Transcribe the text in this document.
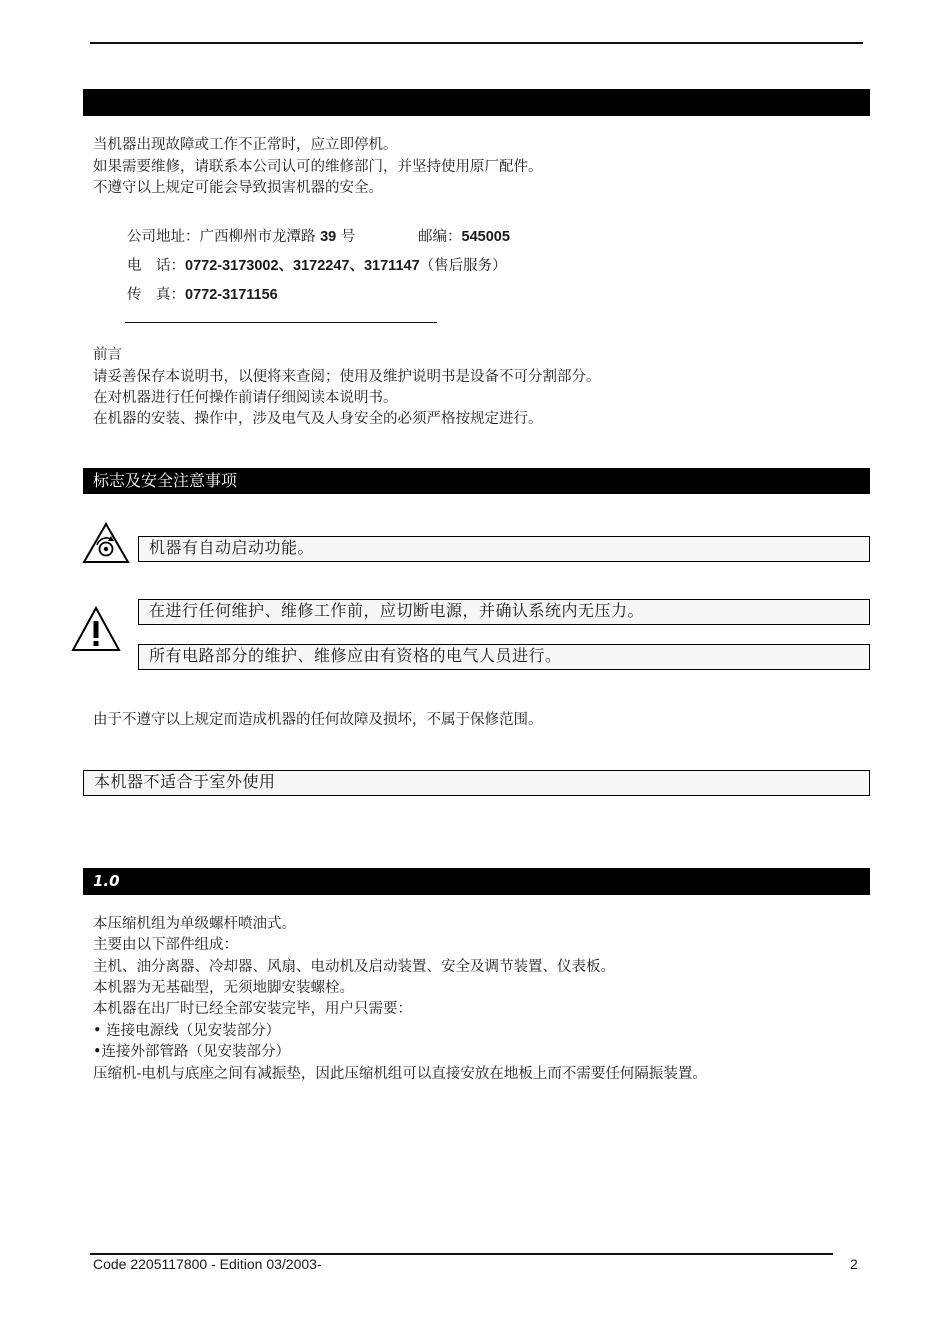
当机器出现故障或工作不正常时，应立即停机。
如果需要维修，请联系本公司认可的维修部门，并坚持使用原厂配件。
不遵守以上规定可能会导致损害机器的安全。
公司地址：广西柳州市龙潭路 39 号	邮编：545005
电　话：0772-3173002、3172247、3171147（售后服务）
传　真：0772-3171156
前言
请妥善保存本说明书，以便将来查阅；使用及维护说明书是设备不可分割部分。
在对机器进行任何操作前请仔细阅读本说明书。
在机器的安装、操作中，涉及电气及人身安全的必须严格按规定进行。
标志及安全注意事项
机器有自动启动功能。
在进行任何维护、维修工作前，应切断电源，并确认系统内无压力。
所有电路部分的维护、维修应由有资格的电气人员进行。
由于不遵守以上规定而造成机器的任何故障及损坏，不属于保修范围。
本机器不适合于室外使用
1.0
本压缩机组为单级螺杆喷油式。
主要由以下部件组成：
主机、油分离器、冷却器、风扇、电动机及启动装置、安全及调节装置、仪表板。
本机器为无基础型，无须地脚安装螺栓。
本机器在出厂时已经全部安装完毕，用户只需要：
• 连接电源线（见安装部分）
•连接外部管路（见安装部分）
压缩机-电机与底座之间有减振垫，因此压缩机组可以直接安放在地板上而不需要任何隔振装置。
Code 2205117800 - Edition 03/2003-	2
